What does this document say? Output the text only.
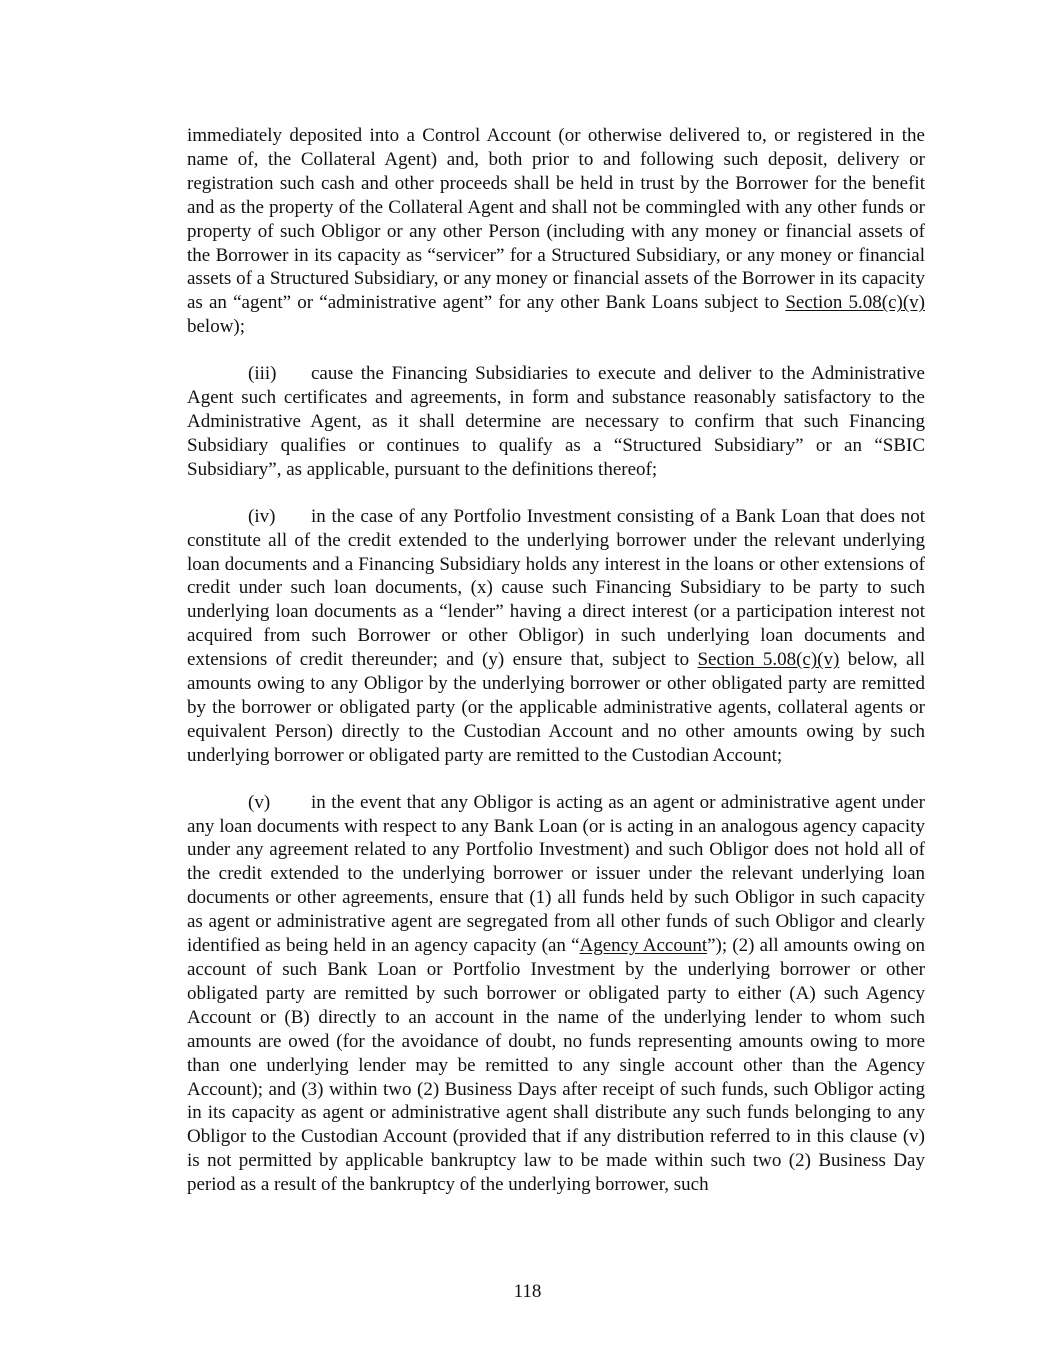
immediately deposited into a Control Account (or otherwise delivered to, or registered in the name of, the Collateral Agent) and, both prior to and following such deposit, delivery or registration such cash and other proceeds shall be held in trust by the Borrower for the benefit and as the property of the Collateral Agent and shall not be commingled with any other funds or property of such Obligor or any other Person (including with any money or financial assets of the Borrower in its capacity as “servicer” for a Structured Subsidiary, or any money or financial assets of a Structured Subsidiary, or any money or financial assets of the Borrower in its capacity as an “agent” or “administrative agent” for any other Bank Loans subject to Section 5.08(c)(v) below);

(iii) cause the Financing Subsidiaries to execute and deliver to the Administrative Agent such certificates and agreements, in form and substance reasonably satisfactory to the Administrative Agent, as it shall determine are necessary to confirm that such Financing Subsidiary qualifies or continues to qualify as a “Structured Subsidiary” or an “SBIC Subsidiary”, as applicable, pursuant to the definitions thereof;

(iv) in the case of any Portfolio Investment consisting of a Bank Loan that does not constitute all of the credit extended to the underlying borrower under the relevant underlying loan documents and a Financing Subsidiary holds any interest in the loans or other extensions of credit under such loan documents, (x) cause such Financing Subsidiary to be party to such underlying loan documents as a “lender” having a direct interest (or a participation interest not acquired from such Borrower or other Obligor) in such underlying loan documents and extensions of credit thereunder; and (y) ensure that, subject to Section 5.08(c)(v) below, all amounts owing to any Obligor by the underlying borrower or other obligated party are remitted by the borrower or obligated party (or the applicable administrative agents, collateral agents or equivalent Person) directly to the Custodian Account and no other amounts owing by such underlying borrower or obligated party are remitted to the Custodian Account;

(v) in the event that any Obligor is acting as an agent or administrative agent under any loan documents with respect to any Bank Loan (or is acting in an analogous agency capacity under any agreement related to any Portfolio Investment) and such Obligor does not hold all of the credit extended to the underlying borrower or issuer under the relevant underlying loan documents or other agreements, ensure that (1) all funds held by such Obligor in such capacity as agent or administrative agent are segregated from all other funds of such Obligor and clearly identified as being held in an agency capacity (an “Agency Account”); (2) all amounts owing on account of such Bank Loan or Portfolio Investment by the underlying borrower or other obligated party are remitted by such borrower or obligated party to either (A) such Agency Account or (B) directly to an account in the name of the underlying lender to whom such amounts are owed (for the avoidance of doubt, no funds representing amounts owing to more than one underlying lender may be remitted to any single account other than the Agency Account); and (3) within two (2) Business Days after receipt of such funds, such Obligor acting in its capacity as agent or administrative agent shall distribute any such funds belonging to any Obligor to the Custodian Account (provided that if any distribution referred to in this clause (v) is not permitted by applicable bankruptcy law to be made within such two (2) Business Day period as a result of the bankruptcy of the underlying borrower, such

118
